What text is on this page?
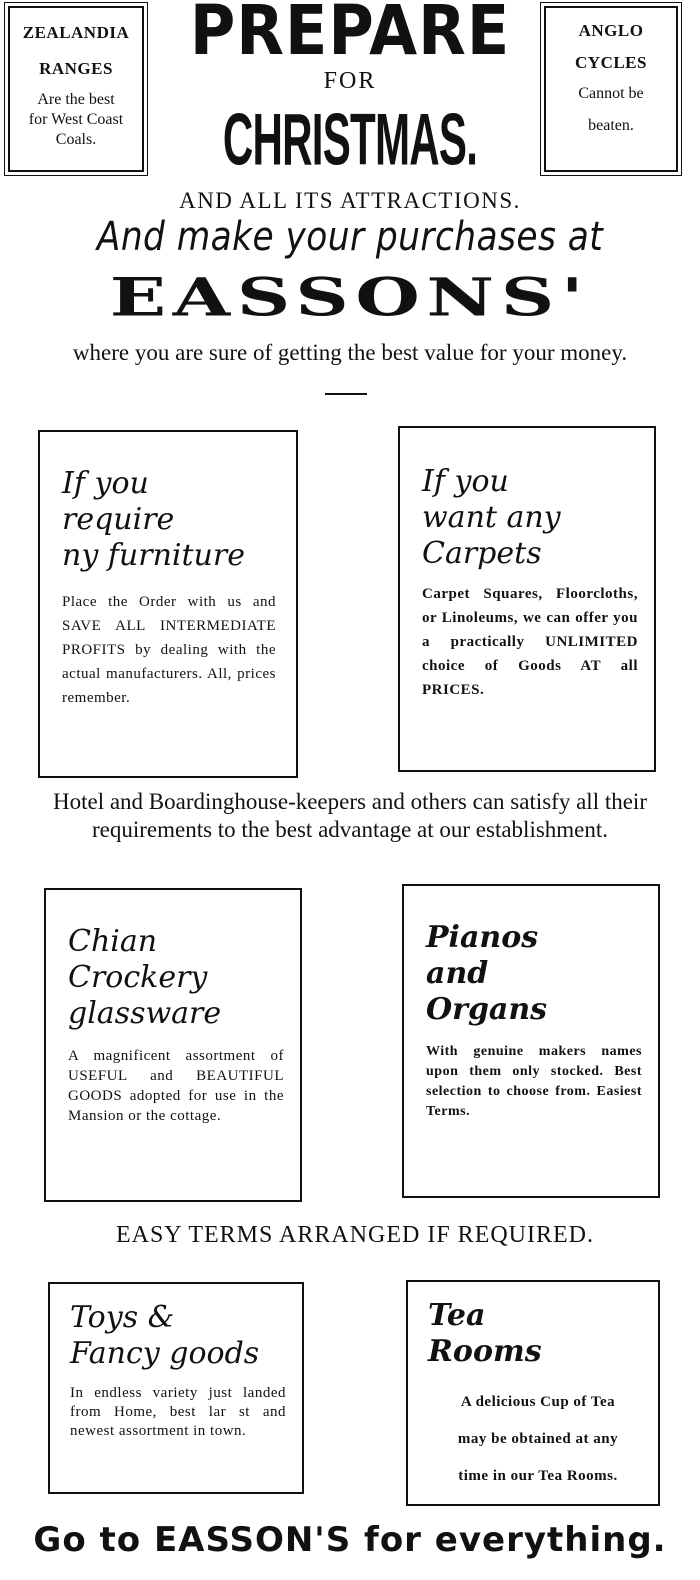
ZEALANDIA
RANGES
Are the best
for West Coast
Coals.
ANGLO
CYCLES
Cannot be
beaten.
PREPARE
FOR
CHRISTMAS.
AND ALL ITS ATTRACTIONS.
And make your purchases at
EASSONS'
where you are sure of getting the best value for your money.

If you
require
ny furniture

Place the Order with us and SAVE ALL INTERMEDIATE PROFITS by dealing with the actual manufacturers. All, prices remember.

If you
want any
Carpets

Carpet Squares, Floorcloths, or Linoleums, we can offer you a practically UNLIMITED choice of Goods AT all PRICES.
Hotel and Boardinghouse-keepers and others can satisfy all their requirements to the best advantage at our establishment.

Chian
Crockery
glassware

A magnificent assortment of USEFUL and BEAUTIFUL GOODS adopted for use in the Mansion or the cottage.

Pianos
and
Organs

With genuine makers names upon them only stocked. Best selection to choose from. Easiest Terms.
EASY TERMS ARRANGED IF REQUIRED.

Toys &
Fancy goods

In endless variety just landed from Home, best lar st and newest assortment in town.

Tea
Rooms

A delicious Cup of Tea
may be obtained at any
time in our Tea Rooms.
Go to EASSON'S for everything.
